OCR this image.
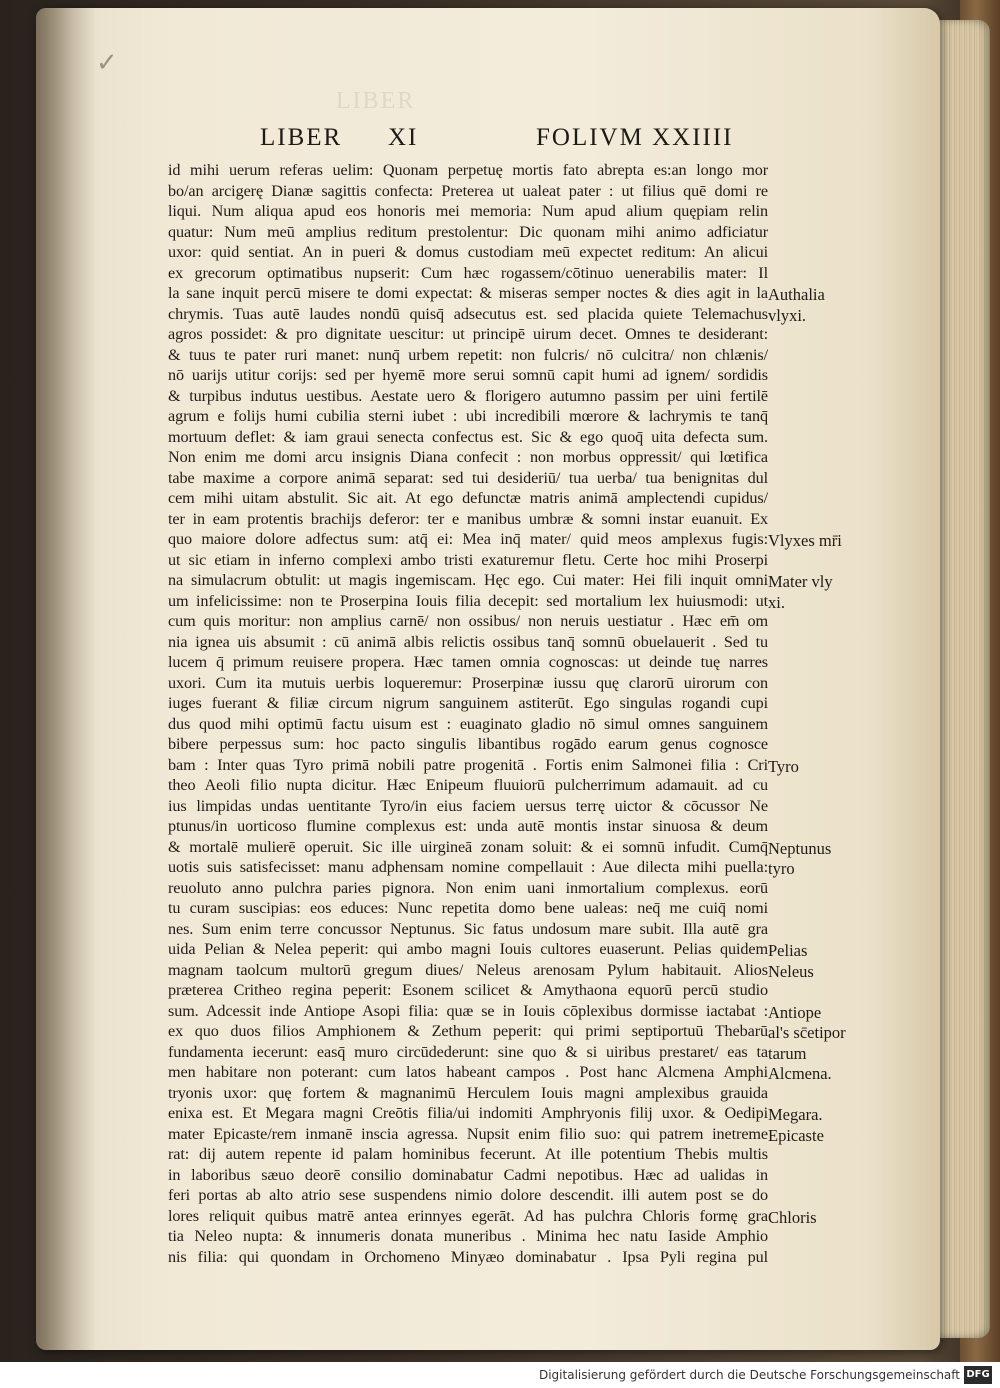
✓
LIBER
LIBER XI	FOLIVM XXIIII
id mihi uerum referas uelim: Quonam perpetuę mortis fato abrepta es:an longo mor
bo/an arcigerę Dianæ sagittis confecta: Preterea ut ualeat pater : ut filius quē domi re
liqui. Num aliqua apud eos honoris mei memoria: Num apud alium quępiam relin
quatur: Num meū amplius reditum prestolentur: Dic quonam mihi animo adficiatur
uxor: quid sentiat. An in pueri & domus custodiam meū expectet reditum: An alicui
ex grecorum optimatibus nupserit: Cum hæc rogassem/cōtinuo uenerabilis mater: Il
la sane inquit percū misere te domi expectat: & miseras semper noctes & dies agit in la
chrymis. Tuas autē laudes nondū quisq̄ adsecutus est. sed placida quiete Telemachus
agros possidet: & pro dignitate uescitur: ut principē uirum decet. Omnes te desiderant:
& tuus te pater ruri manet: nunq̄ urbem repetit: non fulcris/ nō culcitra/ non chlænis/
nō uarijs utitur corijs: sed per hyemē more serui somnū capit humi ad ignem/ sordidis
& turpibus indutus uestibus. Aestate uero & florigero autumno passim per uini fertilē
agrum e folijs humi cubilia sterni iubet : ubi incredibili mœrore & lachrymis te tanq̄
mortuum deflet: & iam graui senecta confectus est. Sic & ego quoq̄ uita defecta sum.
Non enim me domi arcu insignis Diana confecit : non morbus oppressit/ qui lœtifica
tabe maxime a corpore animā separat: sed tui desideriū/ tua uerba/ tua benignitas dul
cem mihi uitam abstulit. Sic ait. At ego defunctæ matris animā amplectendi cupidus/
ter in eam protentis brachijs deferor: ter e manibus umbræ & somni instar euanuit. Ex
quo maiore dolore adfectus sum: atq̄ ei: Mea inq̄ mater/ quid meos amplexus fugis:
ut sic etiam in inferno complexi ambo tristi exaturemur fletu. Certe hoc mihi Proserpi
na simulacrum obtulit: ut magis ingemiscam. Hęc ego. Cui mater: Hei fili inquit omni
um infelicissime: non te Proserpina Iouis filia decepit: sed mortalium lex huiusmodi: ut
cum quis moritur: non amplius carnē/ non ossibus/ non neruis uestiatur . Hæc em̄ om
nia ignea uis absumit : cū animā albis relictis ossibus tanq̄ somnū obuelauerit . Sed tu
lucem q̄ primum reuisere propera. Hæc tamen omnia cognoscas: ut deinde tuę narres
uxori. Cum ita mutuis uerbis loqueremur: Proserpinæ iussu quę clarorū uirorum con
iuges fuerant & filiæ circum nigrum sanguinem astiterūt. Ego singulas rogandi cupi
dus quod mihi optimū factu uisum est : euaginato gladio nō simul omnes sanguinem
bibere perpessus sum: hoc pacto singulis libantibus rogādo earum genus cognosce
bam : Inter quas Tyro primā nobili patre progenitā . Fortis enim Salmonei filia : Cri
theo Aeoli filio nupta dicitur. Hæc Enipeum fluuiorū pulcherrimum adamauit. ad cu
ius limpidas undas uentitante Tyro/in eius faciem uersus terrę uictor & cōcussor Ne
ptunus/in uorticoso flumine complexus est: unda autē montis instar sinuosa & deum
& mortalē mulierē operuit. Sic ille uirgineā zonam soluit: & ei somnū infudit. Cumq̄
uotis suis satisfecisset: manu adphensam nomine compellauit : Aue dilecta mihi puella:
reuoluto anno pulchra paries pignora. Non enim uani inmortalium complexus. eorū
tu curam suscipias: eos educes: Nunc repetita domo bene ualeas: neq̄ me cuiq̄ nomi
nes. Sum enim terre concussor Neptunus. Sic fatus undosum mare subit. Illa autē gra
uida Pelian & Nelea peperit: qui ambo magni Iouis cultores euaserunt. Pelias quidem
magnam taolcum multorū gregum diues/ Neleus arenosam Pylum habitauit. Alios
prӕterea Critheo regina peperit: Esonem scilicet & Amythaona equorū percū studio
sum. Adcessit inde Antiope Asopi filia: quæ se in Iouis cōplexibus dormisse iactabat :
ex quo duos filios Amphionem & Zethum peperit: qui primi septiportuū Thebarū
fundamenta iecerunt: easq̄ muro circūdederunt: sine quo & si uiribus prestaret/ eas ta
men habitare non poterant: cum latos habeant campos . Post hanc Alcmena Amphi
tryonis uxor: quę fortem & magnanimū Herculem Iouis magni amplexibus grauida
enixa est. Et Megara magni Creōtis filia/ui indomiti Amphryonis filij uxor. & Oedipi
mater Epicaste/rem inmanē inscia agressa. Nupsit enim filio suo: qui patrem inetreme
rat: dij autem repente id palam hominibus fecerunt. At ille potentium Thebis multis
in laboribus sæuo deorē consilio dominabatur Cadmi nepotibus. Hæc ad ualidas in
feri portas ab alto atrio sese suspendens nimio dolore descendit. illi autem post se do
lores reliquit quibus matrē antea erinnyes egerāt. Ad has pulchra Chloris formę gra
tia Neleo nupta: & innumeris donata muneribus . Minima hec natu Iaside Amphio
nis filia: qui quondam in Orchomeno Minyæo dominabatur . Ipsa Pyli regina pul
Authalia
vlyxi.
Vlyxes mr̄i
Mater vly
xi.
Tyro
Neptunus
tyro
Pelias
Neleus
Antiope
al's sc̄etipor
tarum
Alcmena.
Megara.
Epicaste
Chloris
Digitalisierung gefördert durch die Deutsche Forschungsgemeinschaft DFG
